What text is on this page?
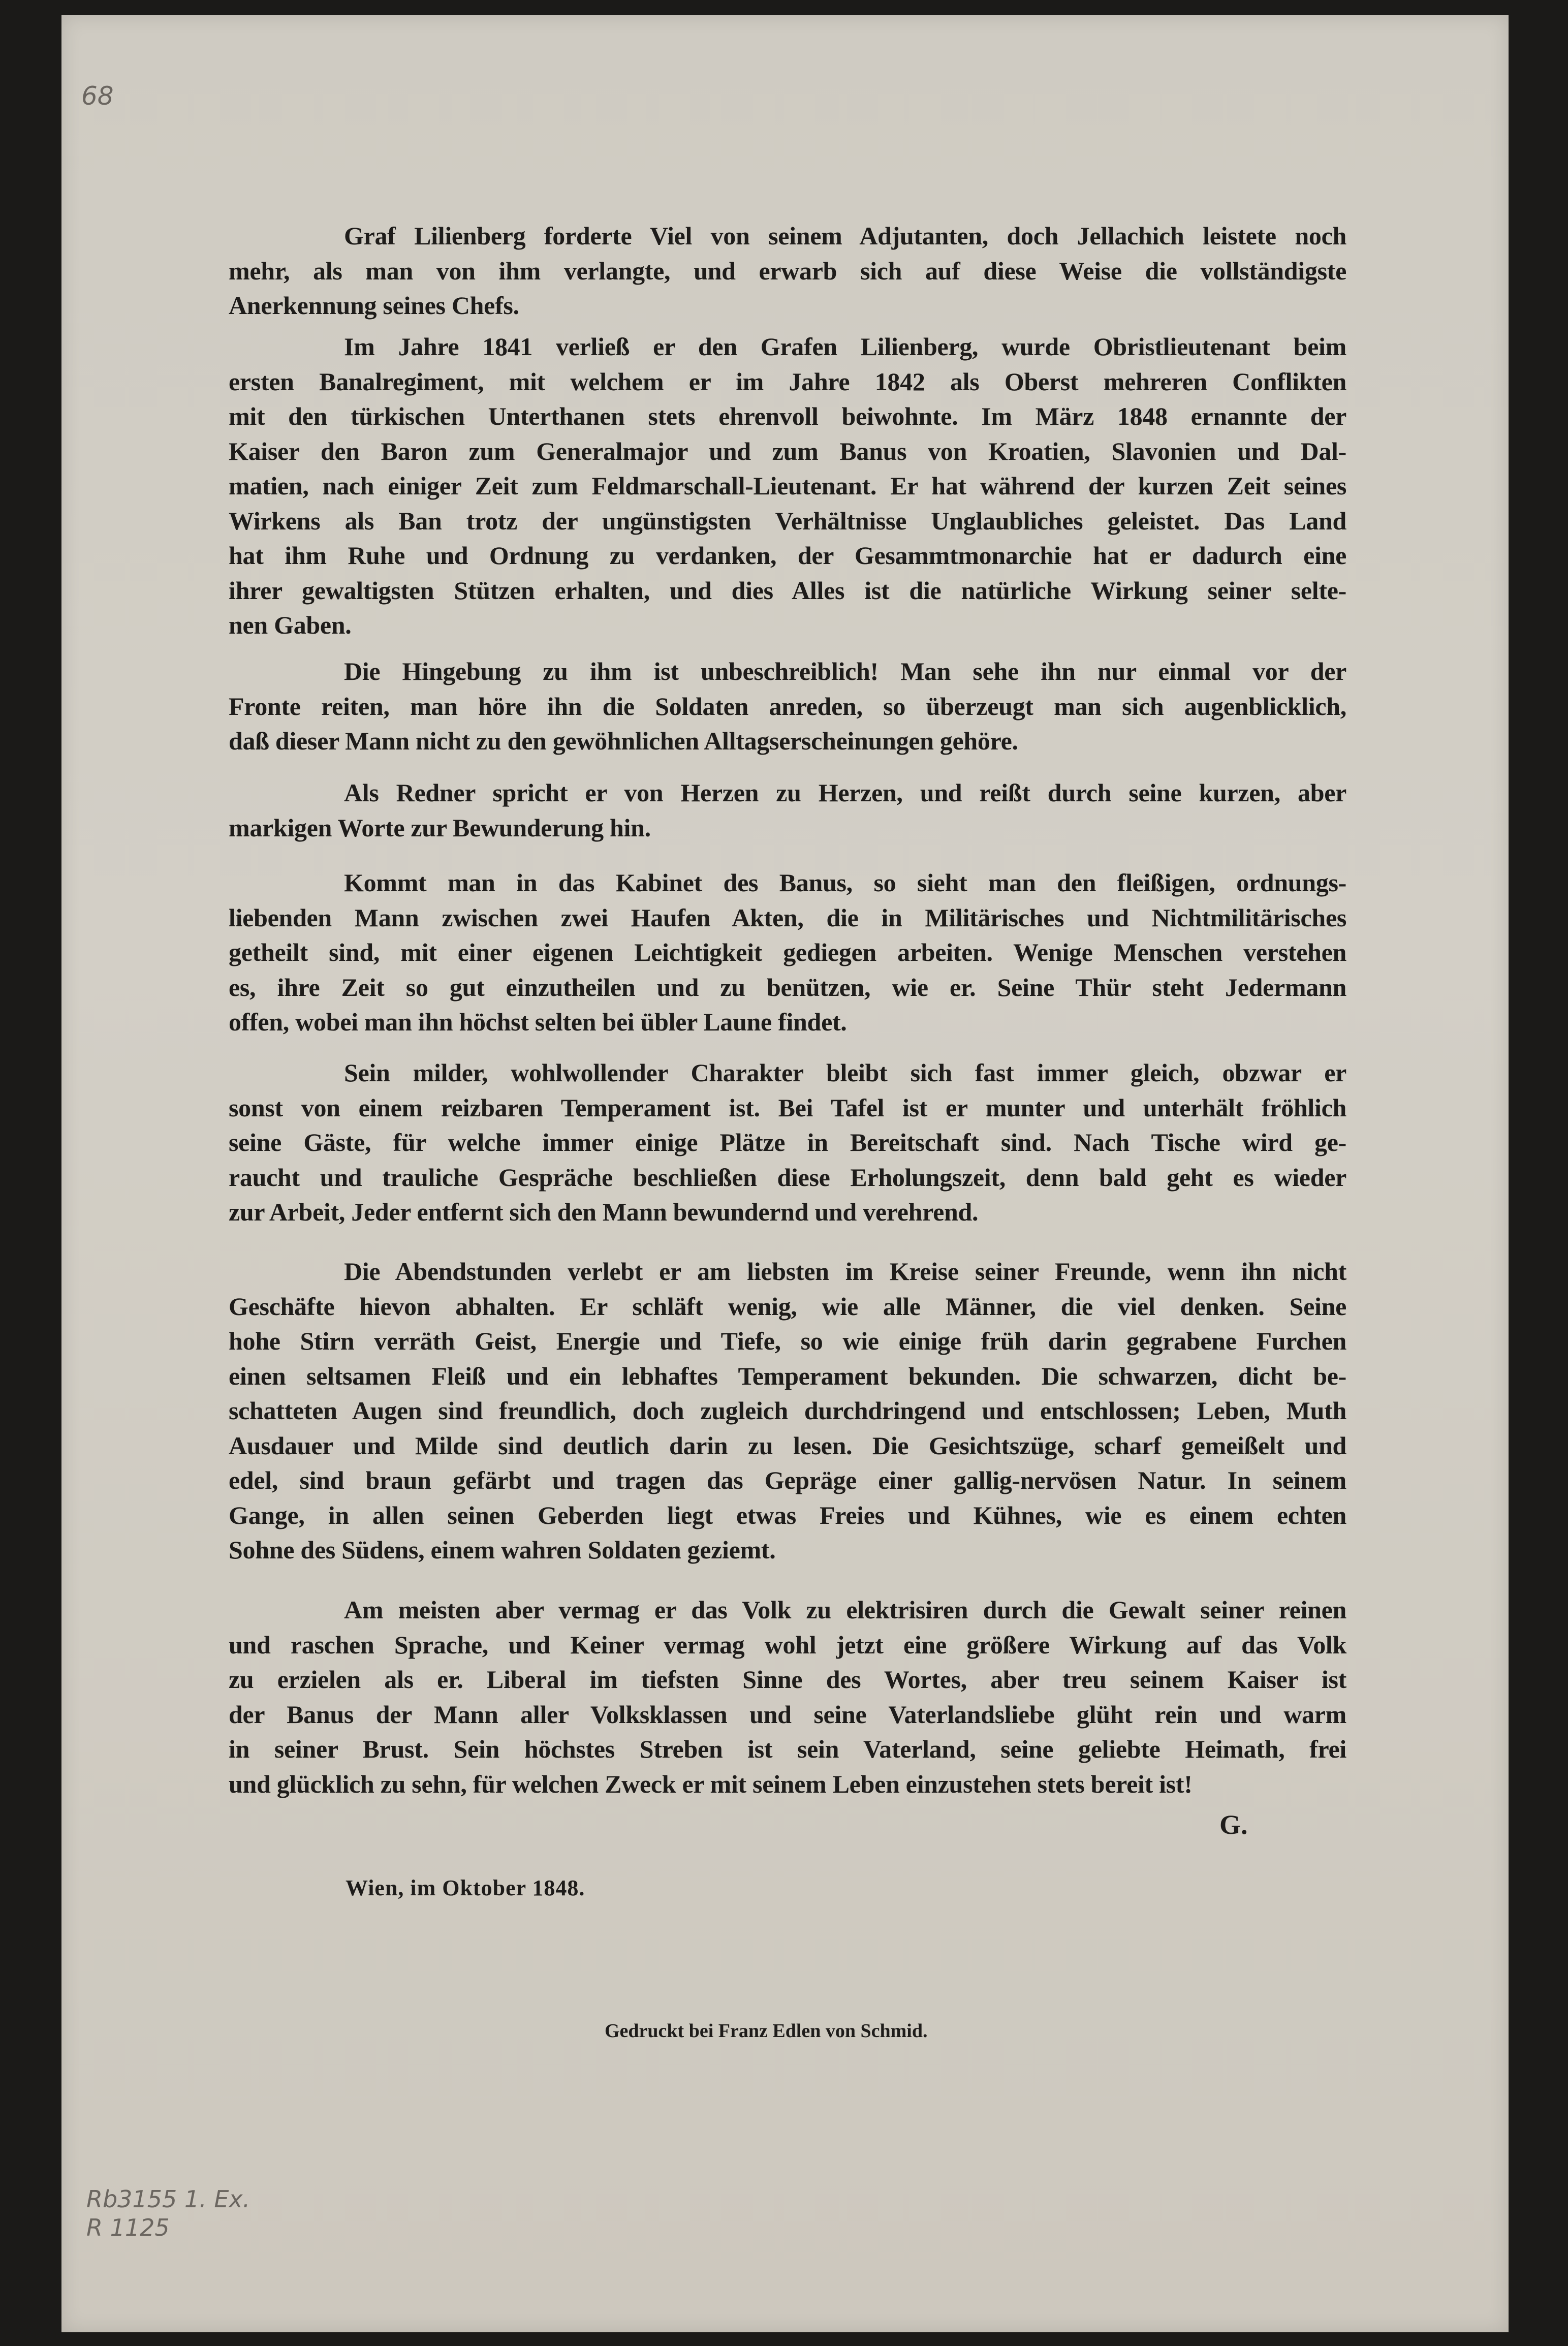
68
Graf Lilienberg forderte Viel von seinem Adjutanten, doch Jellachich leistete noch
mehr, als man von ihm verlangte, und erwarb sich auf diese Weise die vollständigste
Anerkennung seines Chefs.
Im Jahre 1841 verließ er den Grafen Lilienberg, wurde Obristlieutenant beim
ersten Banalregiment, mit welchem er im Jahre 1842 als Oberst mehreren Conflikten
mit den türkischen Unterthanen stets ehrenvoll beiwohnte. Im März 1848 ernannte der
Kaiser den Baron zum Generalmajor und zum Banus von Kroatien, Slavonien und Dal-
matien, nach einiger Zeit zum Feldmarschall-Lieutenant. Er hat während der kurzen Zeit seines
Wirkens als Ban trotz der ungünstigsten Verhältnisse Unglaubliches geleistet. Das Land
hat ihm Ruhe und Ordnung zu verdanken, der Gesammtmonarchie hat er dadurch eine
ihrer gewaltigsten Stützen erhalten, und dies Alles ist die natürliche Wirkung seiner selte-
nen Gaben.
Die Hingebung zu ihm ist unbeschreiblich! Man sehe ihn nur einmal vor der
Fronte reiten, man höre ihn die Soldaten anreden, so überzeugt man sich augenblicklich,
daß dieser Mann nicht zu den gewöhnlichen Alltagserscheinungen gehöre.
Als Redner spricht er von Herzen zu Herzen, und reißt durch seine kurzen, aber
markigen Worte zur Bewunderung hin.
Kommt man in das Kabinet des Banus, so sieht man den fleißigen, ordnungs-
liebenden Mann zwischen zwei Haufen Akten, die in Militärisches und Nichtmilitärisches
getheilt sind, mit einer eigenen Leichtigkeit gediegen arbeiten. Wenige Menschen verstehen
es, ihre Zeit so gut einzutheilen und zu benützen, wie er. Seine Thür steht Jedermann
offen, wobei man ihn höchst selten bei übler Laune findet.
Sein milder, wohlwollender Charakter bleibt sich fast immer gleich, obzwar er
sonst von einem reizbaren Temperament ist. Bei Tafel ist er munter und unterhält fröhlich
seine Gäste, für welche immer einige Plätze in Bereitschaft sind. Nach Tische wird ge-
raucht und trauliche Gespräche beschließen diese Erholungszeit, denn bald geht es wieder
zur Arbeit, Jeder entfernt sich den Mann bewundernd und verehrend.
Die Abendstunden verlebt er am liebsten im Kreise seiner Freunde, wenn ihn nicht
Geschäfte hievon abhalten. Er schläft wenig, wie alle Männer, die viel denken. Seine
hohe Stirn verräth Geist, Energie und Tiefe, so wie einige früh darin gegrabene Furchen
einen seltsamen Fleiß und ein lebhaftes Temperament bekunden. Die schwarzen, dicht be-
schatteten Augen sind freundlich, doch zugleich durchdringend und entschlossen; Leben, Muth
Ausdauer und Milde sind deutlich darin zu lesen. Die Gesichtszüge, scharf gemeißelt und
edel, sind braun gefärbt und tragen das Gepräge einer gallig-nervösen Natur. In seinem
Gange, in allen seinen Geberden liegt etwas Freies und Kühnes, wie es einem echten
Sohne des Südens, einem wahren Soldaten geziemt.
Am meisten aber vermag er das Volk zu elektrisiren durch die Gewalt seiner reinen
und raschen Sprache, und Keiner vermag wohl jetzt eine größere Wirkung auf das Volk
zu erzielen als er. Liberal im tiefsten Sinne des Wortes, aber treu seinem Kaiser ist
der Banus der Mann aller Volksklassen und seine Vaterlandsliebe glüht rein und warm
in seiner Brust. Sein höchstes Streben ist sein Vaterland, seine geliebte Heimath, frei
und glücklich zu sehn, für welchen Zweck er mit seinem Leben einzustehen stets bereit ist!
G.
Wien, im Oktober 1848.
Gedruckt bei Franz Edlen von Schmid.
Rb3155 1. Ex.
R 1125
